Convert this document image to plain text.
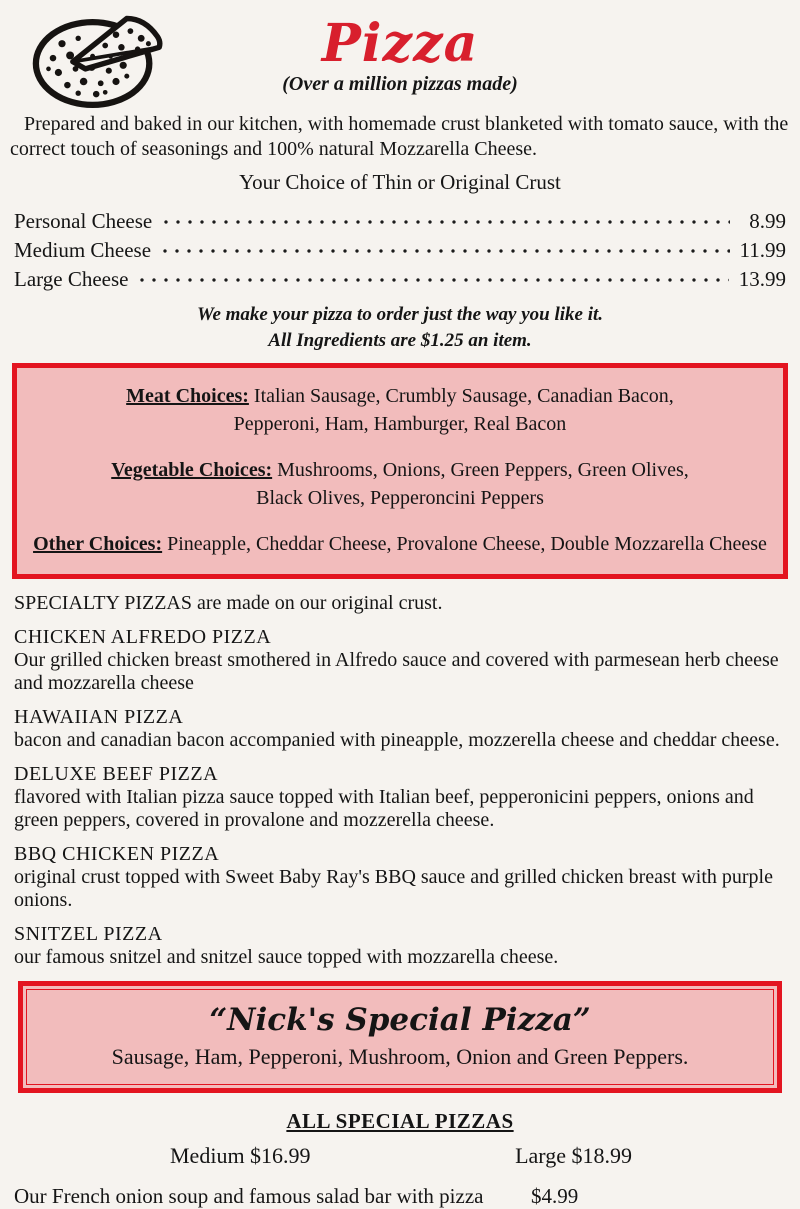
Pizza
(Over a million pizzas made)
Prepared and baked in our kitchen, with homemade crust blanketed with tomato sauce, with the
correct touch of seasonings and 100% natural Mozzarella Cheese.
Your Choice of Thin or Original Crust
Personal Cheese	8.99
Medium Cheese	11.99
Large Cheese	13.99
We make your pizza to order just the way you like it.
All Ingredients are $1.25 an item.
Meat Choices: Italian Sausage, Crumbly Sausage, Canadian Bacon,
Pepperoni, Ham, Hamburger, Real Bacon
Vegetable Choices: Mushrooms, Onions, Green Peppers, Green Olives,
Black Olives, Pepperoncini Peppers
Other Choices: Pineapple, Cheddar Cheese, Provalone Cheese, Double Mozzarella Cheese
SPECIALTY PIZZAS are made on our original crust.
CHICKEN ALFREDO PIZZA
Our grilled chicken breast smothered in Alfredo sauce and covered with parmesean herb cheese and mozzarella cheese
HAWAIIAN PIZZA
bacon and canadian bacon accompanied with pineapple, mozzerella cheese and cheddar cheese.
DELUXE BEEF PIZZA
flavored with Italian pizza sauce topped with Italian beef, pepperonicini peppers, onions and green peppers, covered in provalone and mozzerella cheese.
BBQ CHICKEN PIZZA
original crust topped with Sweet Baby Ray's BBQ sauce and grilled chicken breast with purple onions.
SNITZEL PIZZA
our famous snitzel and snitzel sauce topped with mozzarella cheese.
“Nick's Special Pizza”
Sausage, Ham, Pepperoni, Mushroom, Onion and Green Peppers.
ALL SPECIAL PIZZAS
Medium $16.99	Large $18.99
Our French onion soup and famous salad bar with pizza $4.99
